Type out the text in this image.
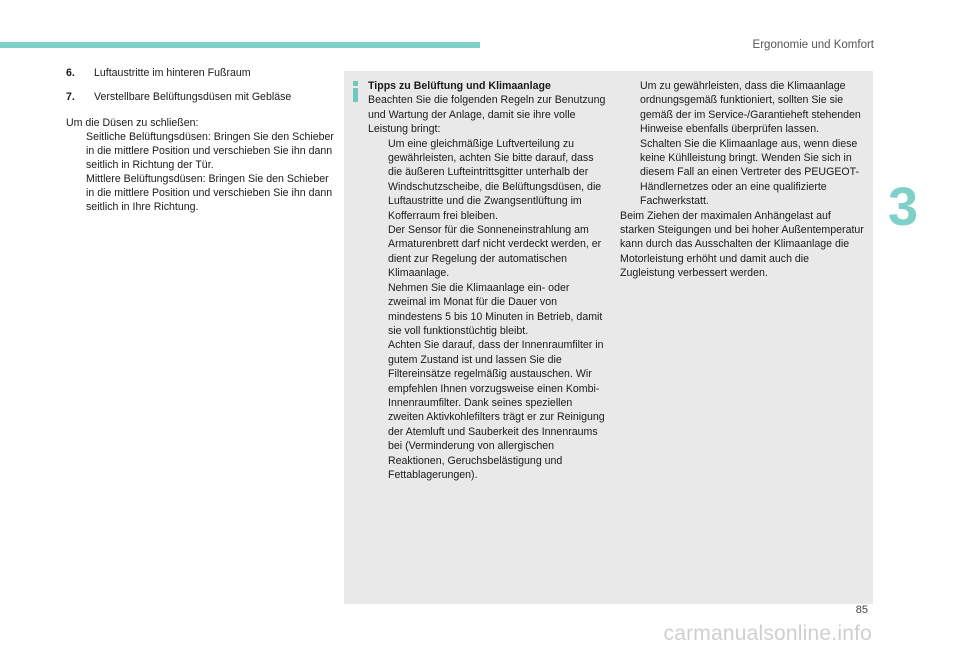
Ergonomie und Komfort
3
6.	Luftaustritte im hinteren Fußraum
7.	Verstellbare Belüftungsdüsen mit Gebläse
Um die Düsen zu schließen:
Seitliche Belüftungsdüsen: Bringen Sie den Schieber in die mittlere Position und verschieben Sie ihn dann seitlich in Richtung der Tür.
Mittlere Belüftungsdüsen: Bringen Sie den Schieber in die mittlere Position und verschieben Sie ihn dann seitlich in Ihre Richtung.
Tipps zu Belüftung und Klimaanlage
Beachten Sie die folgenden Regeln zur Benutzung und Wartung der Anlage, damit sie ihre volle Leistung bringt:
Um eine gleichmäßige Luftverteilung zu gewährleisten, achten Sie bitte darauf, dass die äußeren Lufteintrittsgitter unterhalb der Windschutzscheibe, die Belüftungsdüsen, die Luftaustritte und die Zwangsentlüftung im Kofferraum frei bleiben.
Der Sensor für die Sonneneinstrahlung am Armaturenbrett darf nicht verdeckt werden, er dient zur Regelung der automatischen Klimaanlage.
Nehmen Sie die Klimaanlage ein- oder zweimal im Monat für die Dauer von mindestens 5 bis 10 Minuten in Betrieb, damit sie voll funktionstüchtig bleibt.
Achten Sie darauf, dass der Innenraumfilter in gutem Zustand ist und lassen Sie die Filtereinsätze regelmäßig austauschen. Wir empfehlen Ihnen vorzugsweise einen Kombi-Innenraumfilter. Dank seines speziellen zweiten Aktivkohlefilters trägt er zur Reinigung der Atemluft und Sauberkeit des Innenraums bei (Verminderung von allergischen Reaktionen, Geruchsbelästigung und Fettablagerungen).
Um zu gewährleisten, dass die Klimaanlage ordnungsgemäß funktioniert, sollten Sie sie gemäß der im Service-/Garantieheft stehenden Hinweise ebenfalls überprüfen lassen.
Schalten Sie die Klimaanlage aus, wenn diese keine Kühlleistung bringt. Wenden Sie sich in diesem Fall an einen Vertreter des PEUGEOT-Händlernetzes oder an eine qualifizierte Fachwerkstatt.
Beim Ziehen der maximalen Anhängelast auf starken Steigungen und bei hoher Außentemperatur kann durch das Ausschalten der Klimaanlage die Motorleistung erhöht und damit auch die Zugleistung verbessert werden.
85
carmanualsonline.info
